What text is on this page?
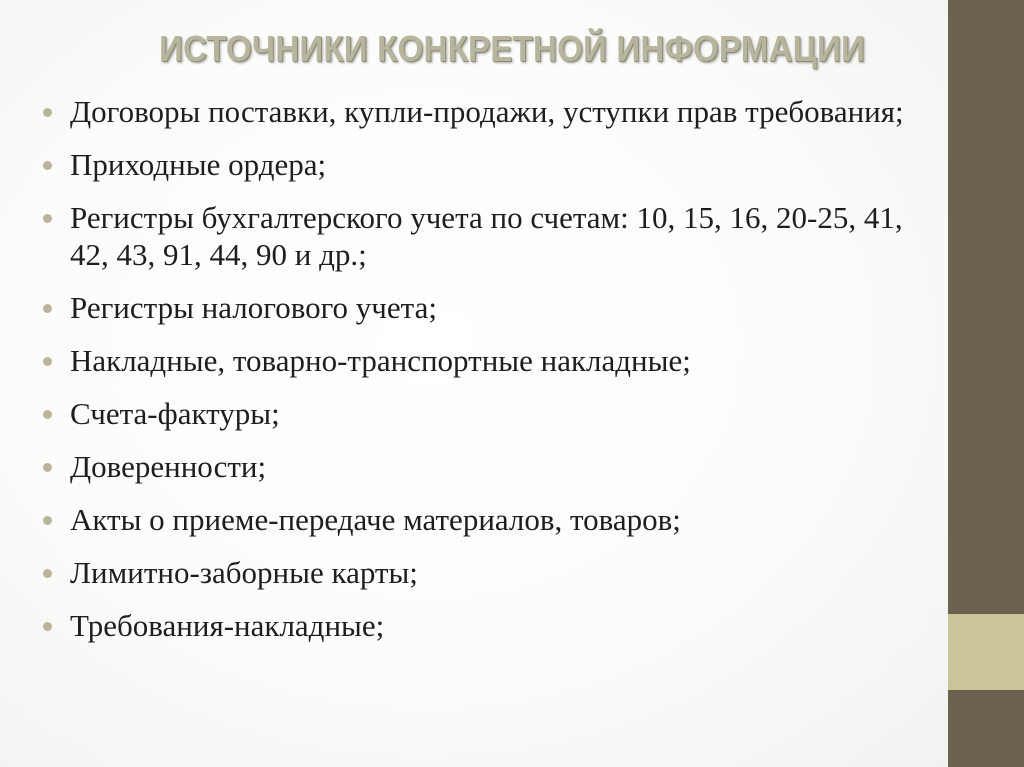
ИСТОЧНИКИ КОНКРЕТНОЙ ИНФОРМАЦИИ
Договоры поставки, купли-продажи, уступки прав требования;
Приходные ордера;
Регистры бухгалтерского учета по счетам: 10, 15, 16, 20-25, 41, 42, 43, 91, 44, 90 и др.;
Регистры налогового учета;
Накладные, товарно-транспортные накладные;
Счета-фактуры;
Доверенности;
Акты о приеме-передаче материалов, товаров;
Лимитно-заборные карты;
Требования-накладные;
